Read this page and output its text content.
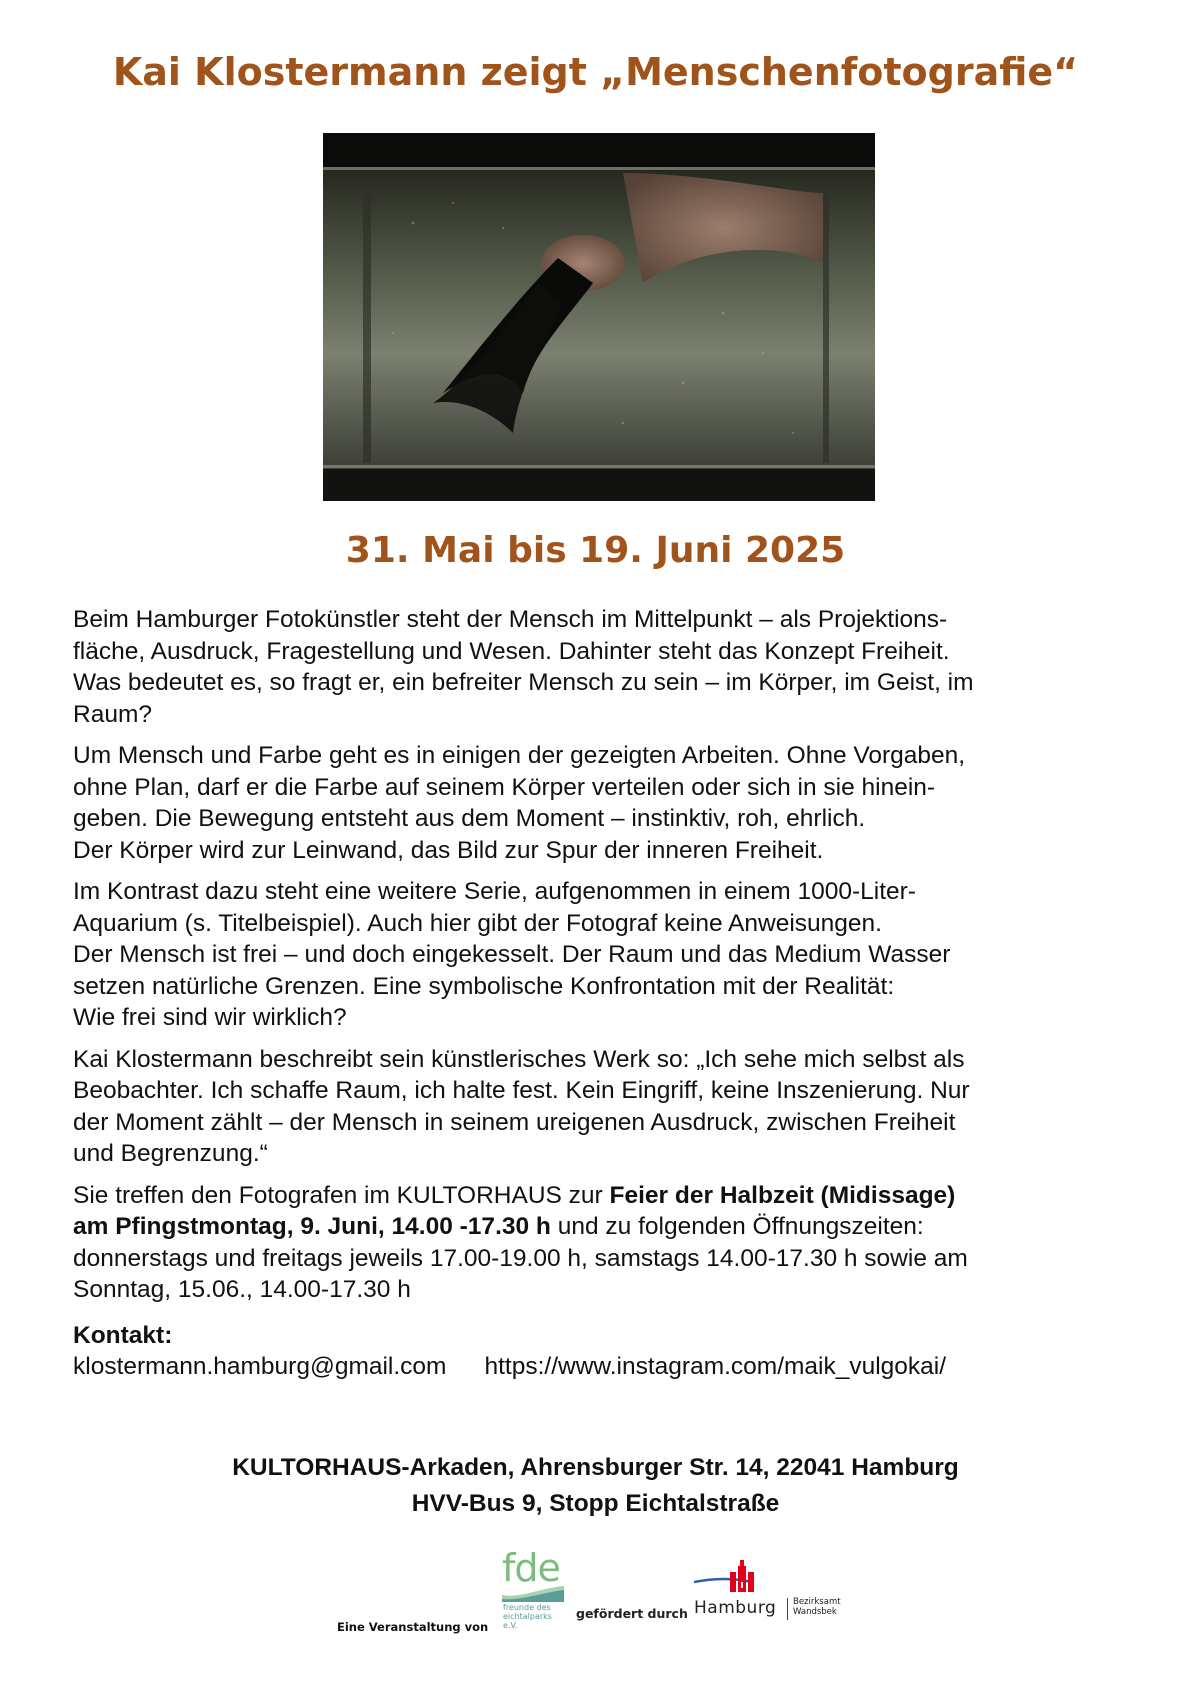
Kai Klostermann zeigt „Menschenfotografie“
31. Mai bis 19. Juni 2025

Beim Hamburger Fotokünstler steht der Mensch im Mittelpunkt – als Projektions-
fläche, Ausdruck, Fragestellung und Wesen. Dahinter steht das Konzept Freiheit.
Was bedeutet es, so fragt er, ein befreiter Mensch zu sein – im Körper, im Geist, im
Raum?

Um Mensch und Farbe geht es in einigen der gezeigten Arbeiten. Ohne Vorgaben,
ohne Plan, darf er die Farbe auf seinem Körper verteilen oder sich in sie hinein-
geben. Die Bewegung entsteht aus dem Moment – instinktiv, roh, ehrlich.
Der Körper wird zur Leinwand, das Bild zur Spur der inneren Freiheit.

Im Kontrast dazu steht eine weitere Serie, aufgenommen in einem 1000-Liter-
Aquarium (s. Titelbeispiel). Auch hier gibt der Fotograf keine Anweisungen.
Der Mensch ist frei – und doch eingekesselt. Der Raum und das Medium Wasser
setzen natürliche Grenzen. Eine symbolische Konfrontation mit der Realität:
Wie frei sind wir wirklich?

Kai Klostermann beschreibt sein künstlerisches Werk so: „Ich sehe mich selbst als
Beobachter. Ich schaffe Raum, ich halte fest. Kein Eingriff, keine Inszenierung. Nur
der Moment zählt – der Mensch in seinem ureigenen Ausdruck, zwischen Freiheit
und Begrenzung.“

Sie treffen den Fotografen im KULTORHAUS zur Feier der Halbzeit (Midissage)
am Pfingstmontag, 9. Juni, 14.00 -17.30 h und zu folgenden Öffnungszeiten:
donnerstags und freitags jeweils 17.00-19.00 h, samstags 14.00-17.30 h sowie am
Sonntag, 15.06., 14.00-17.30 h

Kontakt:
klostermann.hamburg@gmail.com https://www.instagram.com/maik_vulgokai/
KULTORHAUS-Arkaden, Ahrensburger Str. 14, 22041 Hamburg
HVV-Bus 9, Stopp Eichtalstraße
Eine Veranstaltung von
fde
freunde des
eichtalparks
e.V.
gefördert durch Hamburg Bezirksamt
Wandsbek
